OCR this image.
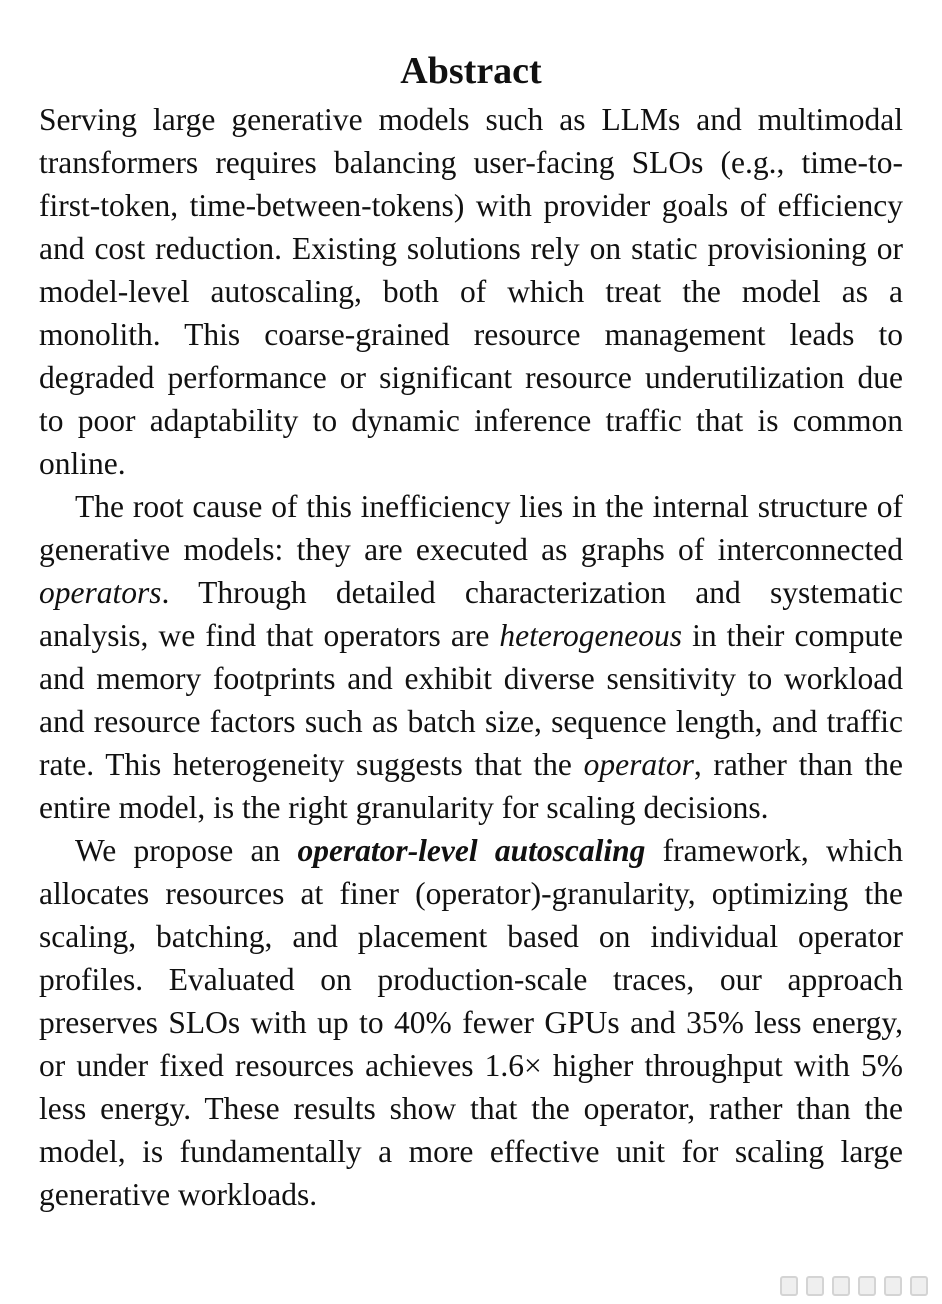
Abstract

Serving large generative models such as LLMs and multimodal transformers requires balancing user-facing SLOs (e.g., time-to-first-token, time-between-tokens) with provider goals of efficiency and cost reduction. Existing solutions rely on static provisioning or model-level autoscaling, both of which treat the model as a monolith. This coarse-grained resource management leads to degraded performance or significant resource underutilization due to poor adaptability to dynamic inference traffic that is common online.

The root cause of this inefficiency lies in the internal structure of generative models: they are executed as graphs of interconnected operators. Through detailed characterization and systematic analysis, we find that operators are heterogeneous in their compute and memory footprints and exhibit diverse sensitivity to workload and resource factors such as batch size, sequence length, and traffic rate. This heterogeneity suggests that the operator, rather than the entire model, is the right granularity for scaling decisions.

We propose an operator-level autoscaling framework, which allocates resources at finer (operator)-granularity, optimizing the scaling, batching, and placement based on individual operator profiles. Evaluated on production-scale traces, our approach preserves SLOs with up to 40% fewer GPUs and 35% less energy, or under fixed resources achieves 1.6× higher throughput with 5% less energy. These results show that the operator, rather than the model, is fundamentally a more effective unit for scaling large generative workloads.
